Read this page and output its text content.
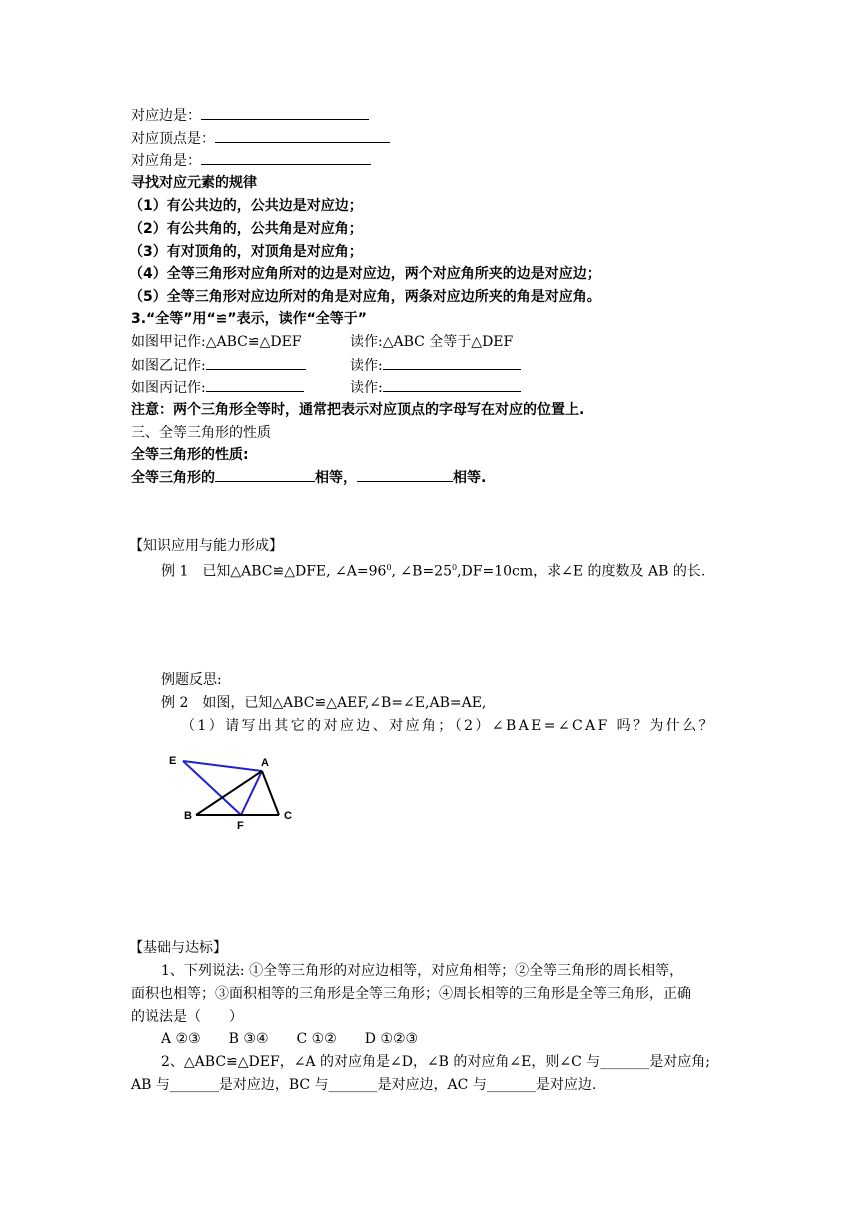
对应边是：
对应顶点是：
对应角是：
寻找对应元素的规律
（1）有公共边的，公共边是对应边；
（2）有公共角的，公共角是对应角；
（3）有对顶角的，对顶角是对应角；
（4）全等三角形对应角所对的边是对应边，两个对应角所夹的边是对应边；
（5）全等三角形对应边所对的角是对应角，两条对应边所夹的角是对应角。
3.“全等”用“≌”表示，读作“全等于”
如图甲记作:△ABC≌△DEF	读作:△ABC 全等于△DEF
如图乙记作:	读作:
如图丙记作:	读作:
注意：两个三角形全等时，通常把表示对应顶点的字母写在对应的位置上.
三、全等三角形的性质
全等三角形的性质:
全等三角形的	相等，	相等.
【知识应用与能力形成】
例 1　已知△ABC≌△DFE, $\angle A=96^0$, $\angle B=25^0,DF=10cm$，求∠E 的度数及 AB 的长.
例题反思:
例 2　如图，已知△ABC≌△AEF,∠B=∠E,AB=AE,
（1）请写出其它的对应边、对应角；（2）∠BAE=∠CAF 吗？为什么？
E	A
B
F
C
【基础与达标】
1、下列说法: ①全等三角形的对应边相等，对应角相等；②全等三角形的周长相等，
面积也相等；③面积相等的三角形是全等三角形；④周长相等的三角形是全等三角形，正确
的说法是（　　）
A ②③　　B ③④　　C ①②　　D ①②③
2、△ABC≌△DEF，∠A 的对应角是∠D，∠B 的对应角∠E，则∠C 与_______是对应角;
AB 与_______是对应边，BC 与_______是对应边，AC 与_______是对应边.
